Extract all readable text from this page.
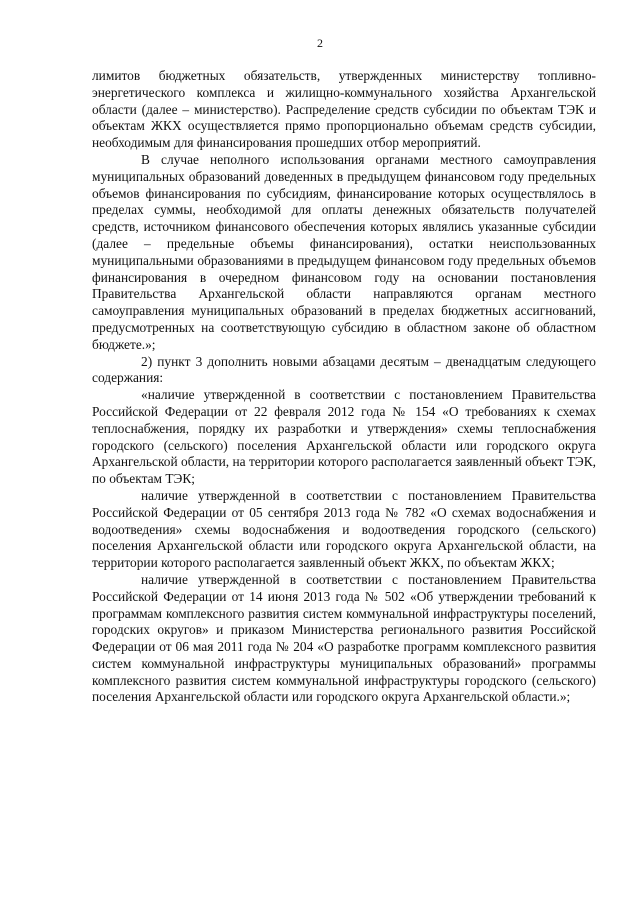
2

лимитов бюджетных обязательств, утвержденных министерству топливно-энергетического комплекса и жилищно-коммунального хозяйства Архангельской области (далее – министерство). Распределение средств субсидии по объектам ТЭК и объектам ЖКХ осуществляется прямо пропорционально объемам средств субсидии, необходимым для финансирования прошедших отбор мероприятий.

В случае неполного использования органами местного самоуправления муниципальных образований доведенных в предыдущем финансовом году предельных объемов финансирования по субсидиям, финансирование которых осуществлялось в пределах суммы, необходимой для оплаты денежных обязательств получателей средств, источником финансового обеспечения которых являлись указанные субсидии (далее – предельные объемы финансирования), остатки неиспользованных муниципальными образованиями в предыдущем финансовом году предельных объемов финансирования в очередном финансовом году на основании постановления Правительства Архангельской области направляются органам местного самоуправления муниципальных образований в пределах бюджетных ассигнований, предусмотренных на соответствующую субсидию в областном законе об областном бюджете.»;

2) пункт 3 дополнить новыми абзацами десятым – двенадцатым следующего содержания:

«наличие утвержденной в соответствии с постановлением Правительства Российской Федерации от 22 февраля 2012 года № 154 «О требованиях к схемах теплоснабжения, порядку их разработки и утверждения» схемы теплоснабжения городского (сельского) поселения Архангельской области или городского округа Архангельской области, на территории которого располагается заявленный объект ТЭК, по объектам ТЭК;

наличие утвержденной в соответствии с постановлением Правительства Российской Федерации от 05 сентября 2013 года № 782 «О схемах водоснабжения и водоотведения» схемы водоснабжения и водоотведения городского (сельского) поселения Архангельской области или городского округа Архангельской области, на территории которого располагается заявленный объект ЖКХ, по объектам ЖКХ;

наличие утвержденной в соответствии с постановлением Правительства Российской Федерации от 14 июня 2013 года № 502 «Об утверждении требований к программам комплексного развития систем коммунальной инфраструктуры поселений, городских округов» и приказом Министерства регионального развития Российской Федерации от 06 мая 2011 года № 204 «О разработке программ комплексного развития систем коммунальной инфраструктуры муниципальных образований» программы комплексного развития систем коммунальной инфраструктуры городского (сельского) поселения Архангельской области или городского округа Архангельской области.»;
